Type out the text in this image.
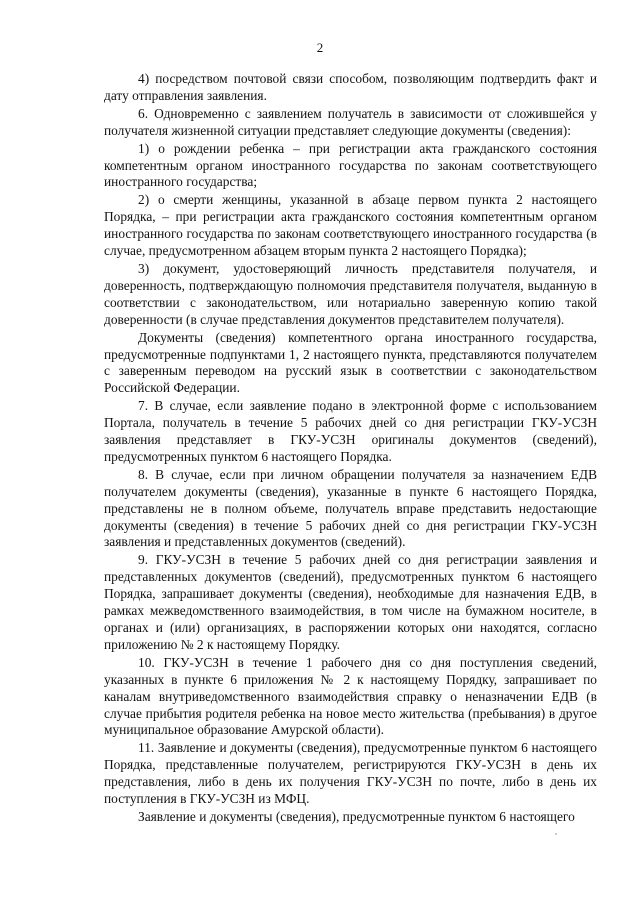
2

4) посредством почтовой связи способом, позволяющим подтвердить факт и дату отправления заявления.

6. Одновременно с заявлением получатель в зависимости от сложившейся у получателя жизненной ситуации представляет следующие документы (сведения):

1) о рождении ребенка – при регистрации акта гражданского состояния компетентным органом иностранного государства по законам соответствующего иностранного государства;

2) о смерти женщины, указанной в абзаце первом пункта 2 настоящего Порядка, – при регистрации акта гражданского состояния компетентным органом иностранного государства по законам соответствующего иностранного государства (в случае, предусмотренном абзацем вторым пункта 2 настоящего Порядка);

3) документ, удостоверяющий личность представителя получателя, и доверенность, подтверждающую полномочия представителя получателя, выданную в соответствии с законодательством, или нотариально заверенную копию такой доверенности (в случае представления документов представителем получателя).

Документы (сведения) компетентного органа иностранного государства, предусмотренные подпунктами 1, 2 настоящего пункта, представляются получателем с заверенным переводом на русский язык в соответствии с законодательством Российской Федерации.

7. В случае, если заявление подано в электронной форме с использованием Портала, получатель в течение 5 рабочих дней со дня регистрации ГКУ-УСЗН заявления представляет в ГКУ-УСЗН оригиналы документов (сведений), предусмотренных пунктом 6 настоящего Порядка.

8. В случае, если при личном обращении получателя за назначением ЕДВ получателем документы (сведения), указанные в пункте 6 настоящего Порядка, представлены не в полном объеме, получатель вправе представить недостающие документы (сведения) в течение 5 рабочих дней со дня регистрации ГКУ-УСЗН заявления и представленных документов (сведений).

9. ГКУ-УСЗН в течение 5 рабочих дней со дня регистрации заявления и представленных документов (сведений), предусмотренных пунктом 6 настоящего Порядка, запрашивает документы (сведения), необходимые для назначения ЕДВ, в рамках межведомственного взаимодействия, в том числе на бумажном носителе, в органах и (или) организациях, в распоряжении которых они находятся, согласно приложению № 2 к настоящему Порядку.

10. ГКУ-УСЗН в течение 1 рабочего дня со дня поступления сведений, указанных в пункте 6 приложения № 2 к настоящему Порядку, запрашивает по каналам внутриведомственного взаимодействия справку о неназначении ЕДВ (в случае прибытия родителя ребенка на новое место жительства (пребывания) в другое муниципальное образование Амурской области).

11. Заявление и документы (сведения), предусмотренные пунктом 6 настоящего Порядка, представленные получателем, регистрируются ГКУ-УСЗН в день их представления, либо в день их получения ГКУ-УСЗН по почте, либо в день их поступления в ГКУ-УСЗН из МФЦ.

Заявление и документы (сведения), предусмотренные пунктом 6 настоящего
